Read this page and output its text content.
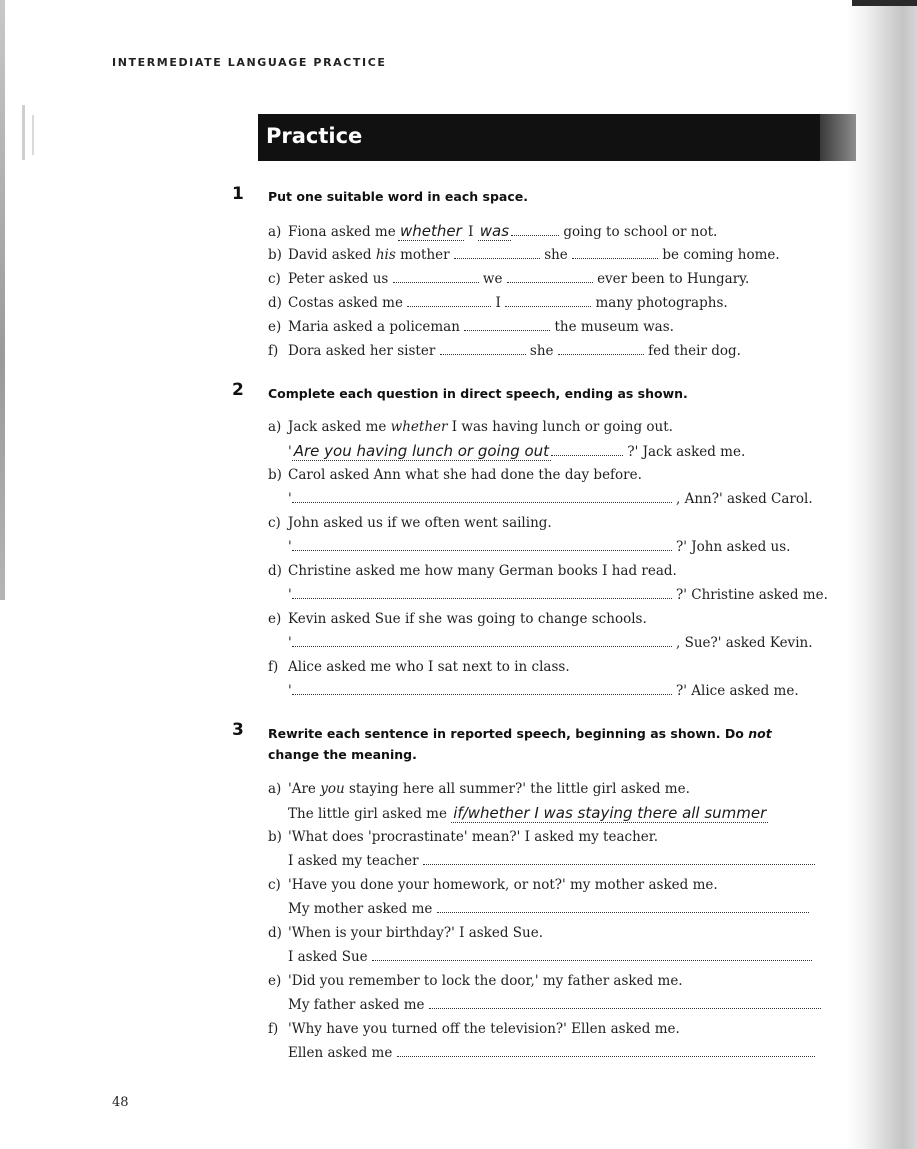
INTERMEDIATE LANGUAGE PRACTICE
Practice
1 Put one suitable word in each space.
a) Fiona asked me whether I was	going to school or not.
b) David asked his mother	she	be coming home.
c) Peter asked us	we	ever been to Hungary.
d) Costas asked me	I	many photographs.
e) Maria asked a policeman	the museum was.
f) Dora asked her sister	she	fed their dog.
2 Complete each question in direct speech, ending as shown.
a) Jack asked me whether I was having lunch or going out.
' Are you having lunch or going out	?' Jack asked me.
b) Carol asked Ann what she had done the day before.
'	, Ann?' asked Carol.
c) John asked us if we often went sailing.
'	?' John asked us.
d) Christine asked me how many German books I had read.
'	?' Christine asked me.
e) Kevin asked Sue if she was going to change schools.
'	, Sue?' asked Kevin.
f) Alice asked me who I sat next to in class.
'	?' Alice asked me.
3 Rewrite each sentence in reported speech, beginning as shown. Do not change the meaning.
a) 'Are you staying here all summer?' the little girl asked me.
The little girl asked me if/whether I was staying there all summer
b) 'What does 'procrastinate' mean?' I asked my teacher.
I asked my teacher
c) 'Have you done your homework, or not?' my mother asked me.
My mother asked me
d) 'When is your birthday?' I asked Sue.
I asked Sue
e) 'Did you remember to lock the door,' my father asked me.
My father asked me
f) 'Why have you turned off the television?' Ellen asked me.
Ellen asked me
48
